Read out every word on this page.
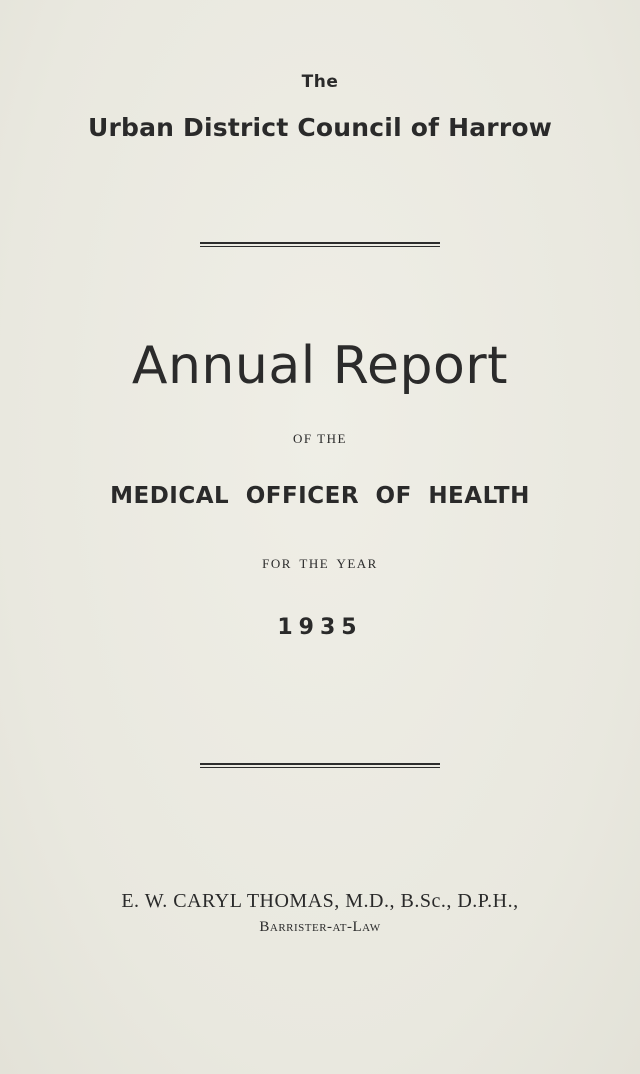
The
Urban District Council of Harrow
Annual Report
OF THE
MEDICAL OFFICER OF HEALTH
FOR THE YEAR
1935
E. W. CARYL THOMAS, M.D., B.Sc., D.P.H.,
Barrister-at-Law
